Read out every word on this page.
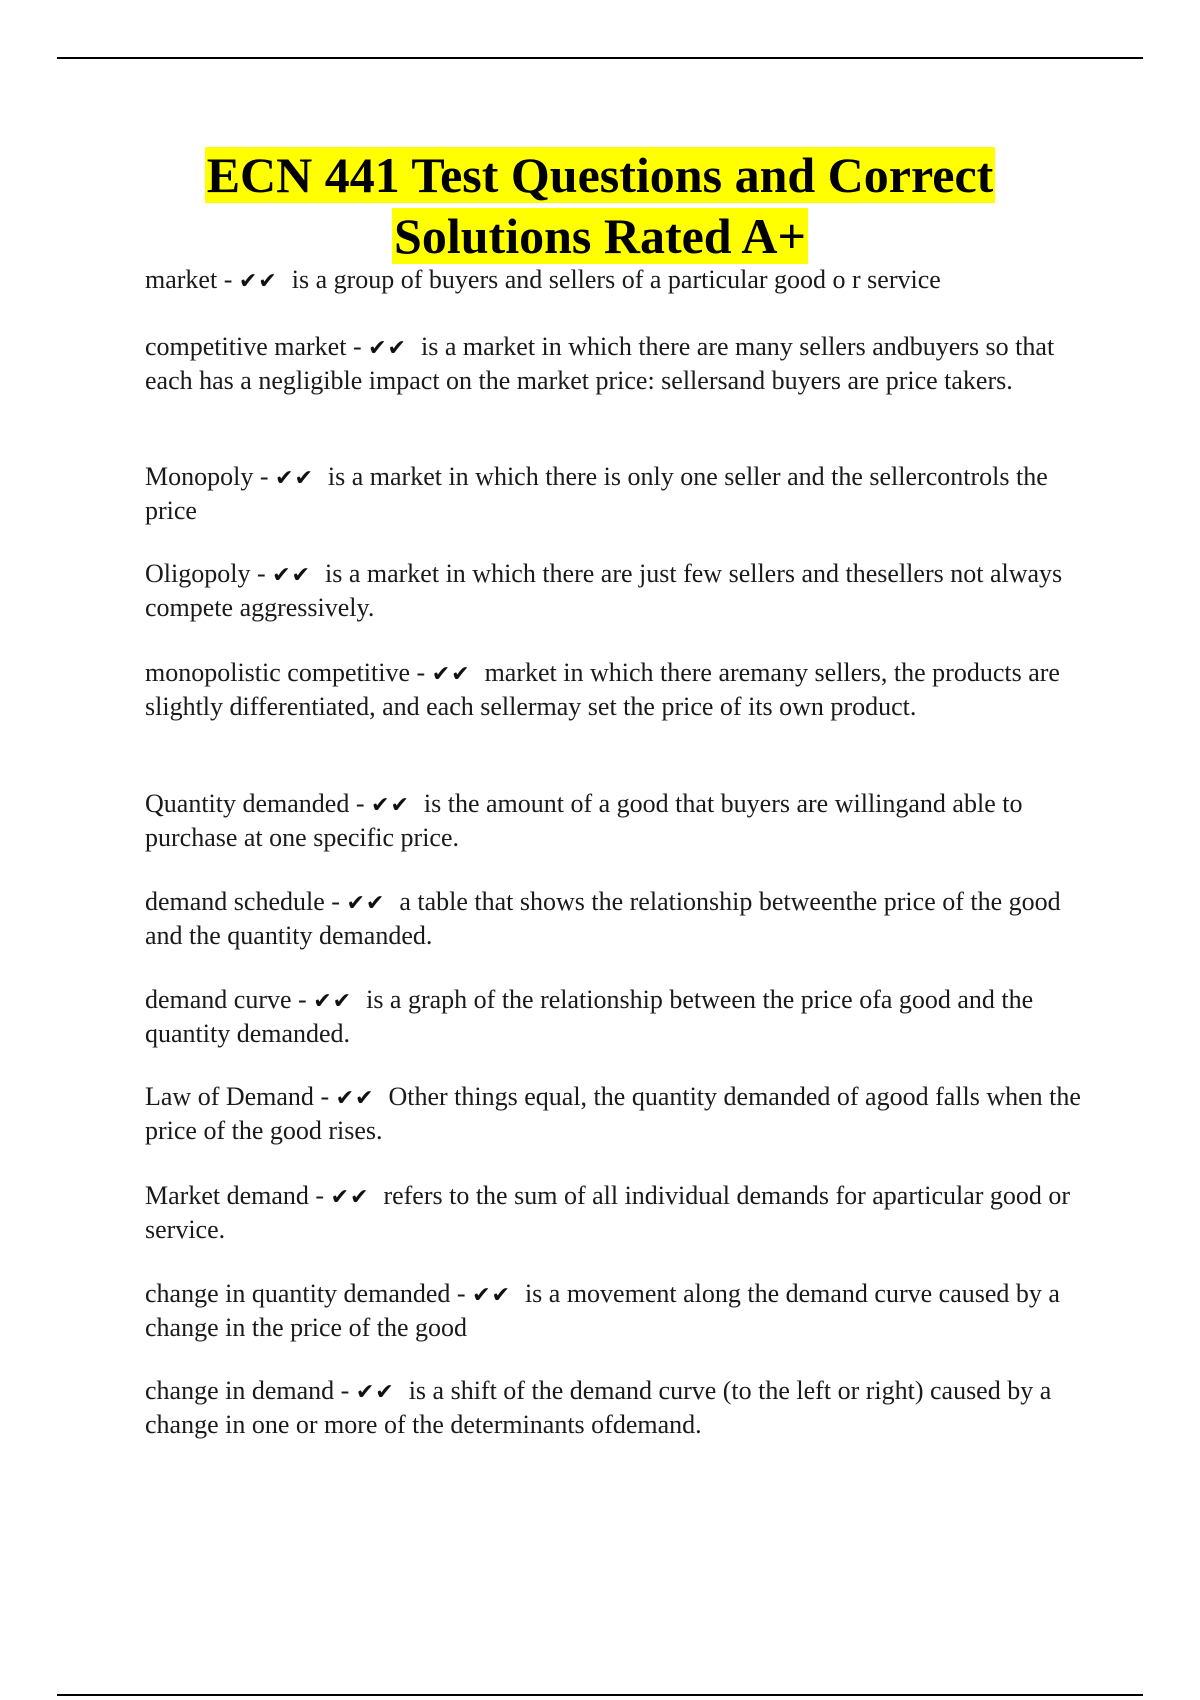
ECN 441 Test Questions and Correct
Solutions Rated A+
market - ✔✔ is a group of buyers and sellers of a particular good o r service
competitive market - ✔✔ is a market in which there are many sellers andbuyers so that each has a negligible impact on the market price: sellersand buyers are price takers.
Monopoly - ✔✔ is a market in which there is only one seller and the sellercontrols the price
Oligopoly - ✔✔ is a market in which there are just few sellers and thesellers not always compete aggressively.
monopolistic competitive - ✔✔ market in which there aremany sellers, the products are slightly differentiated, and each sellermay set the price of its own product.
Quantity demanded - ✔✔ is the amount of a good that buyers are willingand able to purchase at one specific price.
demand schedule - ✔✔ a table that shows the relationship betweenthe price of the good and the quantity demanded.
demand curve - ✔✔ is a graph of the relationship between the price ofa good and the quantity demanded.
Law of Demand - ✔✔ Other things equal, the quantity demanded of agood falls when the price of the good rises.
Market demand - ✔✔ refers to the sum of all individual demands for aparticular good or service.
change in quantity demanded - ✔✔ is a movement along the demand curve caused by a change in the price of the good
change in demand - ✔✔ is a shift of the demand curve (to the left or right) caused by a change in one or more of the determinants ofdemand.
